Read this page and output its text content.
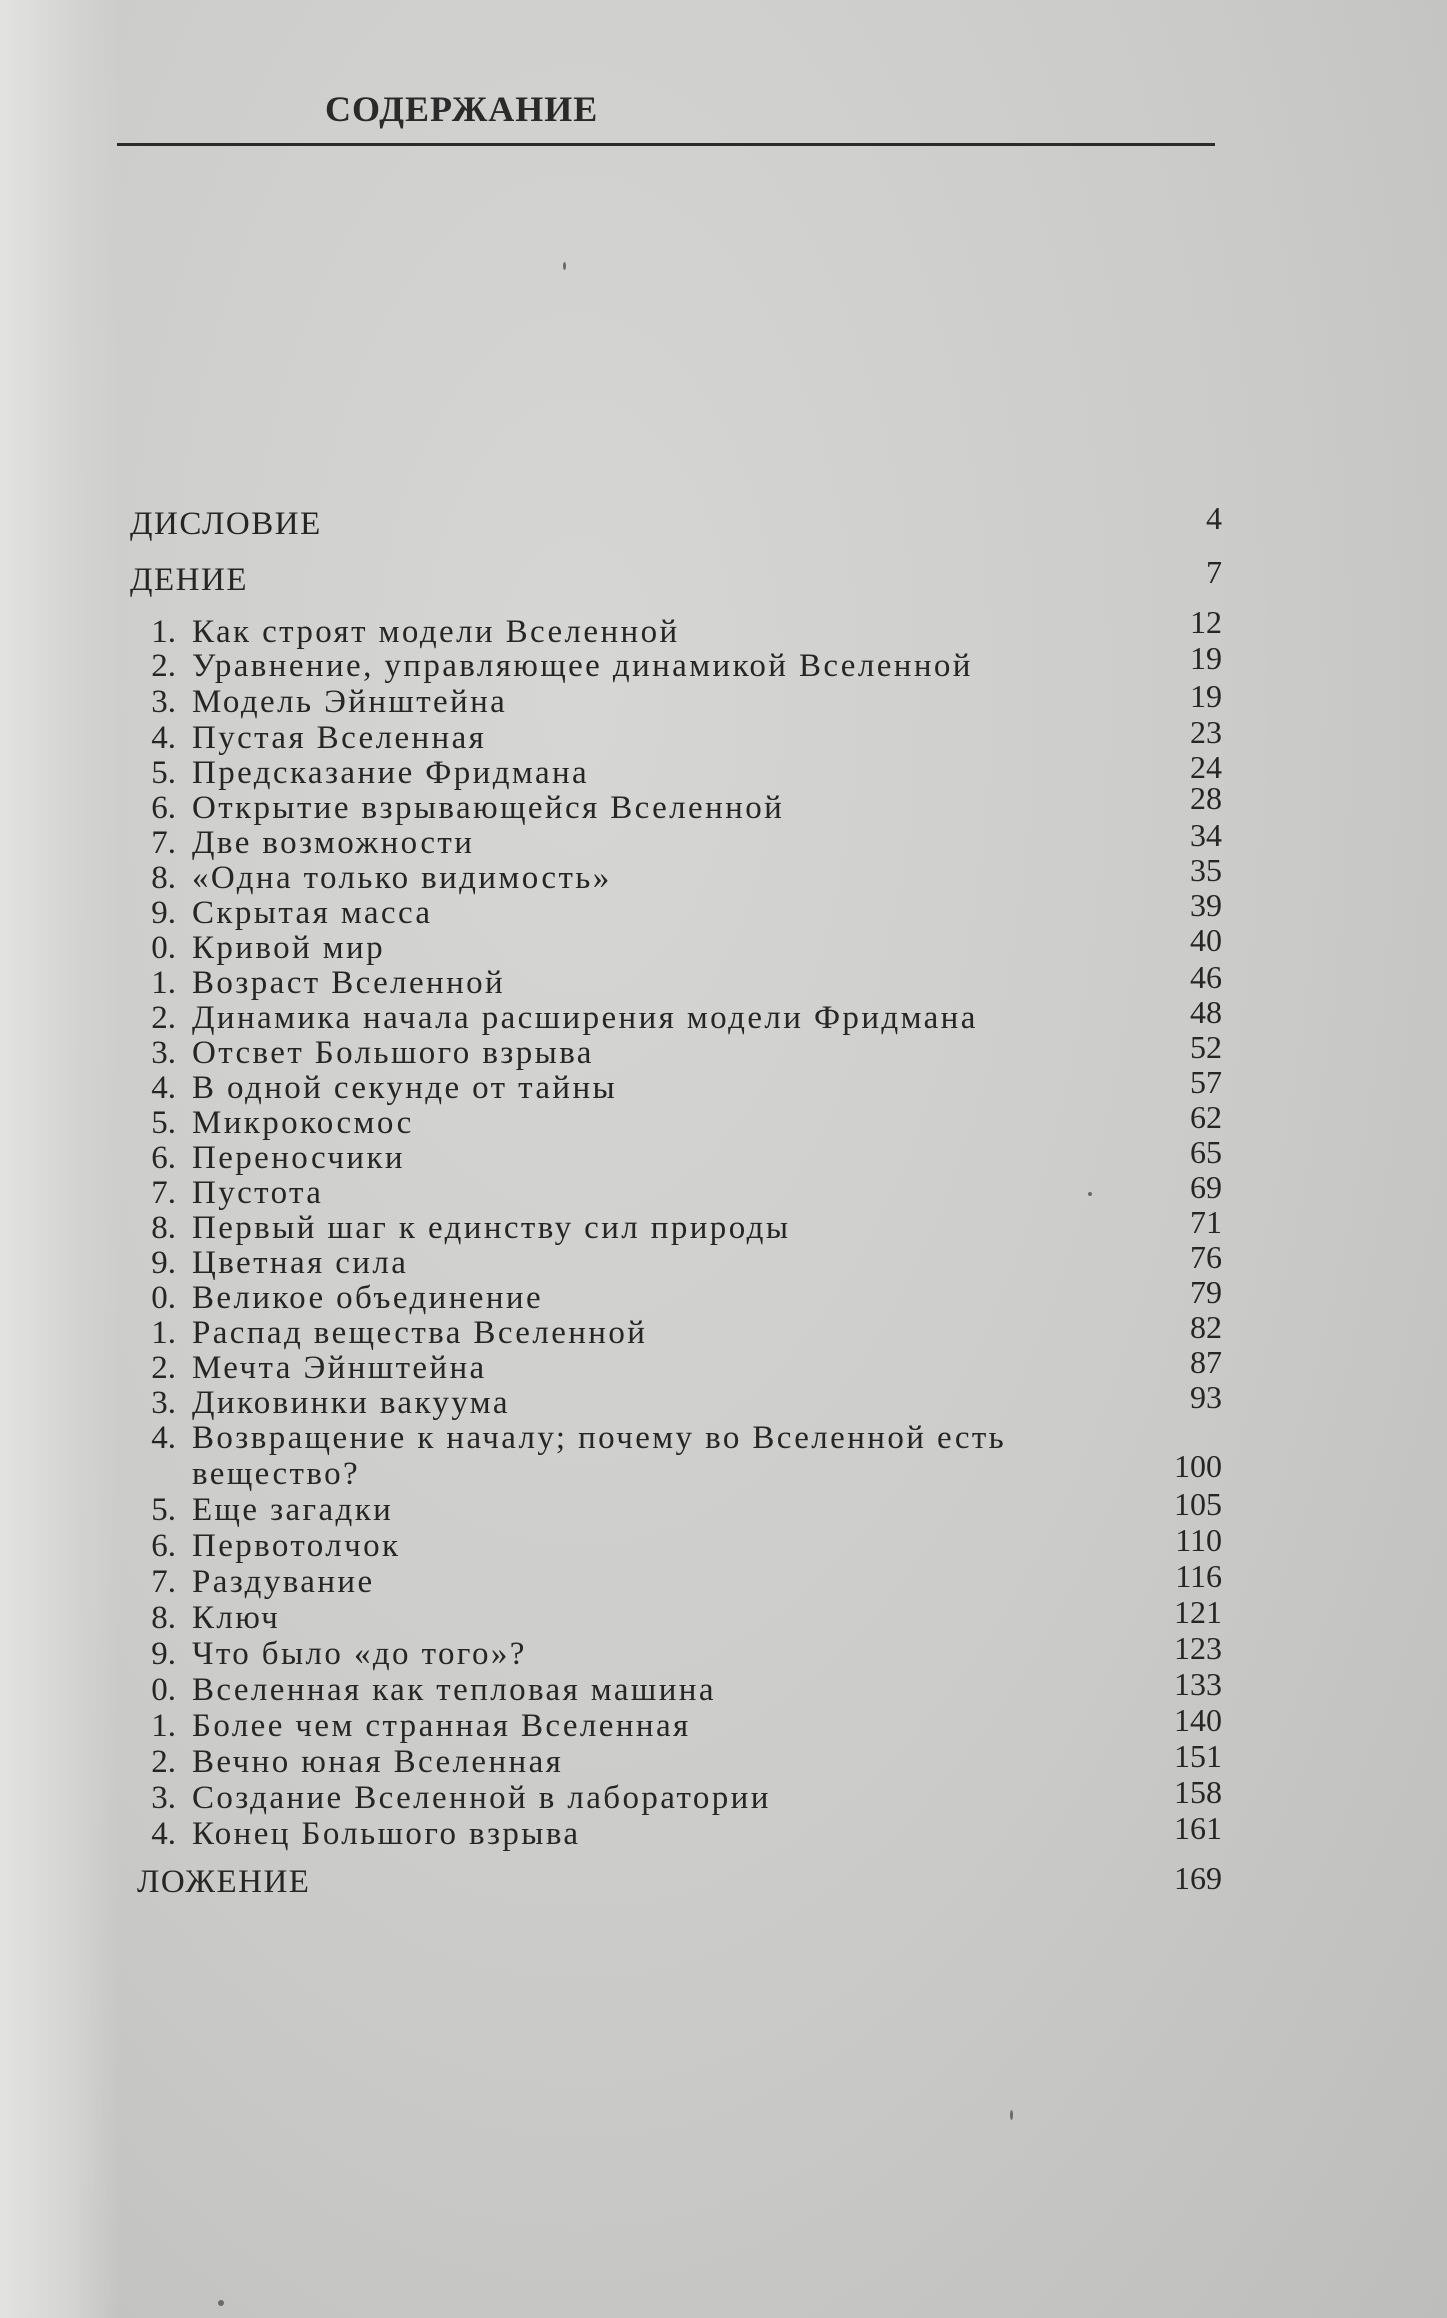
СОДЕРЖАНИЕ
ДИСЛОВИЕ	4
ДЕНИЕ	7
1. Как строят модели Вселенной	12
2. Уравнение, управляющее динамикой Вселенной	19
3. Модель Эйнштейна	19
4. Пустая Вселенная	23
5. Предсказание Фридмана	24
6. Открытие взрывающейся Вселенной	28
7. Две возможности	34
8. «Одна только видимость»	35
9. Скрытая масса	39
0. Кривой мир	40
1. Возраст Вселенной	46
2. Динамика начала расширения модели Фридмана	48
3. Отсвет Большого взрыва	52
4. В одной секунде от тайны	57
5. Микрокосмос	62
6. Переносчики	65
7. Пустота	69
8. Первый шаг к единству сил природы	71
9. Цветная сила	76
0. Великое объединение	79
1. Распад вещества Вселенной	82
2. Мечта Эйнштейна	87
3. Диковинки вакуума	93
4. Возвращение к началу; почему во Вселенной есть
вещество?	100
5. Еще загадки	105
6. Первотолчок	110
7. Раздувание	116
8. Ключ	121
9. Что было «до того»?	123
0. Вселенная как тепловая машина	133
1. Более чем странная Вселенная	140
2. Вечно юная Вселенная	151
3. Создание Вселенной в лаборатории	158
4. Конец Большого взрыва	161
ЛОЖЕНИЕ	169
